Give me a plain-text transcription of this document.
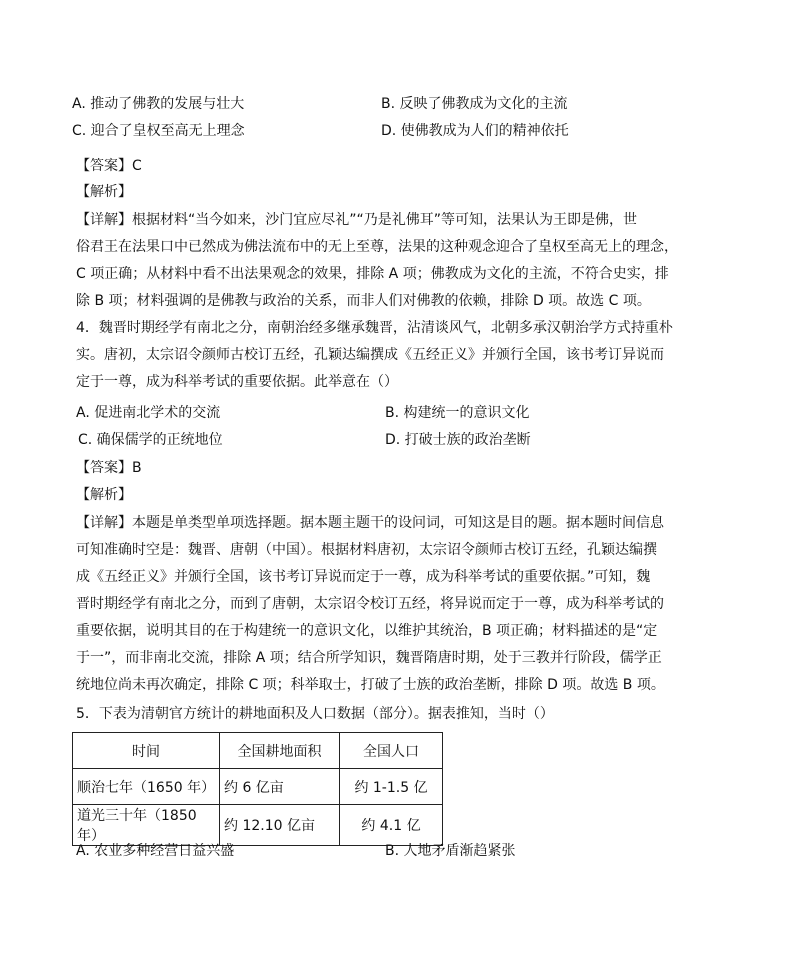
A. 推动了佛教的发展与壮大	B. 反映了佛教成为文化的主流
C. 迎合了皇权至高无上理念	D. 使佛教成为人们的精神依托
【答案】C
【解析】
【详解】根据材料“当今如来，沙门宜应尽礼”“乃是礼佛耳”等可知，法果认为王即是佛，世
俗君王在法果口中已然成为佛法流布中的无上至尊，法果的这种观念迎合了皇权至高无上的理念，
C 项正确；从材料中看不出法果观念的效果，排除 A 项；佛教成为文化的主流，不符合史实，排
除 B 项；材料强调的是佛教与政治的关系，而非人们对佛教的依赖，排除 D 项。故选 C 项。
4．魏晋时期经学有南北之分，南朝治经多继承魏晋，沾清谈风气，北朝多承汉朝治学方式持重朴
实。唐初，太宗诏令颜师古校订五经，孔颖达编撰成《五经正义》并颁行全国，该书考订异说而
定于一尊，成为科举考试的重要依据。此举意在（）
A. 促进南北学术的交流	B. 构建统一的意识文化
C. 确保儒学的正统地位	D. 打破士族的政治垄断
【答案】B
【解析】
【详解】本题是单类型单项选择题。据本题主题干的设问词，可知这是目的题。据本题时间信息
可知准确时空是：魏晋、唐朝（中国）。根据材料唐初，太宗诏令颜师古校订五经，孔颖达编撰
成《五经正义》并颁行全国，该书考订异说而定于一尊，成为科举考试的重要依据。”可知，魏
晋时期经学有南北之分，而到了唐朝，太宗诏令校订五经，将异说而定于一尊，成为科举考试的
重要依据，说明其目的在于构建统一的意识文化，以维护其统治，B 项正确；材料描述的是“定
于一”，而非南北交流，排除 A 项；结合所学知识，魏晋隋唐时期，处于三教并行阶段，儒学正
统地位尚未再次确定，排除 C 项；科举取士，打破了士族的政治垄断，排除 D 项。故选 B 项。
5．下表为清朝官方统计的耕地面积及人口数据（部分）。据表推知，当时（）
时间	全国耕地面积	全国人口
顺治七年（1650 年）	约 6 亿亩	约 1-1.5 亿
道光三十年（1850 年）	约 12.10 亿亩	约 4.1 亿
A. 农业多种经营日益兴盛	B. 人地矛盾渐趋紧张
